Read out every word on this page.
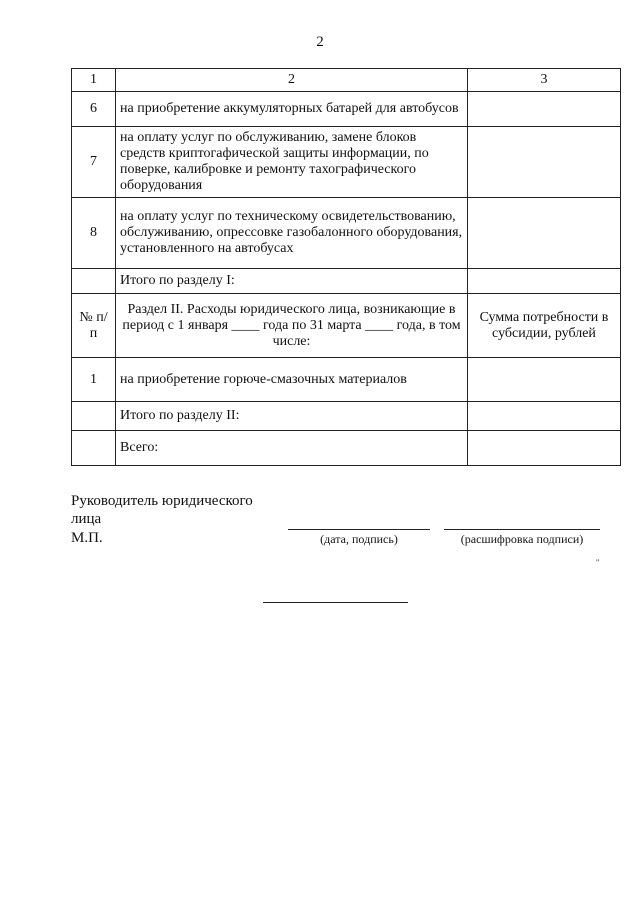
2
1	2	3
6	на приобретение аккумуляторных батарей для автобусов	
7	на оплату услуг по обслуживанию, замене блоков средств криптогафической защиты информации, по поверке, калибровке и ремонту тахографического оборудования	
8	на оплату услуг по техническому освидетельствованию, обслуживанию, опрессовке газобалонного оборудования, установленного на автобусах	
	Итого по разделу I:	
№ п/п	Раздел II. Расходы юридического лица, возникающие в период с 1 января ____ года по 31 марта ____ года, в том числе:	Сумма потребности в субсидии, рублей
1	на приобретение горюче-смазочных материалов	
	Итого по разделу II:	
	Всего:	
Руководитель юридического лица
М.П.	(дата, подпись)	(расшифровка подписи)
"
